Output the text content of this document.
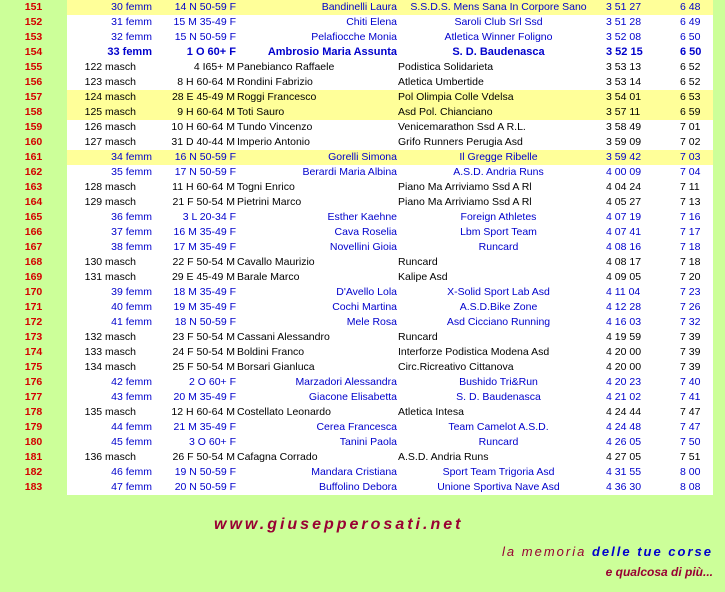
151	30 femm	14 N 50-59 F	Bandinelli Laura	S.S.D.S. Mens Sana In Corpore Sano	3 51 27	6 48
152	31 femm	15 M 35-49 F	Chiti Elena	Saroli Club Srl Ssd	3 51 28	6 49
153	32 femm	15 N 50-59 F	Pelafiocche Monia	Atletica Winner Foligno	3 52 08	6 50
154	33 femm	1 O 60+ F	Ambrosio Maria Assunta	S. D. Baudenasca	3 52 15	6 50
155	122 masch	4 I65+ M Panebianco Raffaele	Podistica Solidarieta	3 53 13	6 52
156	123 masch	8 H 60-64 M Rondini Fabrizio	Atletica Umbertide	3 53 14	6 52
157	124 masch	28 E 45-49 M Roggi Francesco	Pol Olimpia Colle Vdelsa	3 54 01	6 53
158	125 masch	9 H 60-64 M Toti Sauro	Asd Pol. Chianciano	3 57 11	6 59
159	126 masch	10 H 60-64 M Tundo Vincenzo	Venicemarathon Ssd A R.L.	3 58 49	7 01
160	127 masch	31 D 40-44 M Imperio Antonio	Grifo Runners Perugia Asd	3 59 09	7 02
161	34 femm	16 N 50-59 F	Gorelli Simona	Il Gregge Ribelle	3 59 42	7 03
162	35 femm	17 N 50-59 F	Berardi Maria Albina	A.S.D. Andria Runs	4 00 09	7 04
163	128 masch	11 H 60-64 M Togni Enrico	Piano Ma Arriviamo Ssd A Rl	4 04 24	7 11
164	129 masch	21 F 50-54 M Pietrini Marco	Piano Ma Arriviamo Ssd A Rl	4 05 27	7 13
165	36 femm	3 L 20-34 F	Esther Kaehne	Foreign Athletes	4 07 19	7 16
166	37 femm	16 M 35-49 F	Cava Roselia	Lbm Sport Team	4 07 41	7 17
167	38 femm	17 M 35-49 F	Novellini Gioia	Runcard	4 08 16	7 18
168	130 masch	22 F 50-54 M Cavallo Maurizio	Runcard	4 08 17	7 18
169	131 masch	29 E 45-49 M Barale Marco	Kalipe Asd	4 09 05	7 20
170	39 femm	18 M 35-49 F	D'Avello Lola	X-Solid Sport Lab Asd	4 11 04	7 23
171	40 femm	19 M 35-49 F	Cochi Martina	A.S.D.Bike Zone	4 12 28	7 26
172	41 femm	18 N 50-59 F	Mele Rosa	Asd Cicciano Running	4 16 03	7 32
173	132 masch	23 F 50-54 M Cassani Alessandro	Runcard	4 19 59	7 39
174	133 masch	24 F 50-54 M Boldini Franco	Interforze Podistica Modena Asd	4 20 00	7 39
175	134 masch	25 F 50-54 M Borsari Gianluca	Circ.Ricreativo Cittanova	4 20 00	7 39
176	42 femm	2 O 60+ F	Marzadori Alessandra	Bushido Tri&Run	4 20 23	7 40
177	43 femm	20 M 35-49 F	Giacone Elisabetta	S. D. Baudenasca	4 21 02	7 41
178	135 masch	12 H 60-64 M Costellato Leonardo	Atletica Intesa	4 24 44	7 47
179	44 femm	21 M 35-49 F	Cerea Francesca	Team Camelot A.S.D.	4 24 48	7 47
180	45 femm	3 O 60+ F	Tanini Paola	Runcard	4 26 05	7 50
181	136 masch	26 F 50-54 M Cafagna Corrado	A.S.D. Andria Runs	4 27 05	7 51
182	46 femm	19 N 50-59 F	Mandara Cristiana	Sport Team Trigoria Asd	4 31 55	8 00
183	47 femm	20 N 50-59 F	Buffolino Debora	Unione Sportiva Nave Asd	4 36 30	8 08
www.giusepperosati.net
la memoria delle tue corse
e qualcosa di più...
